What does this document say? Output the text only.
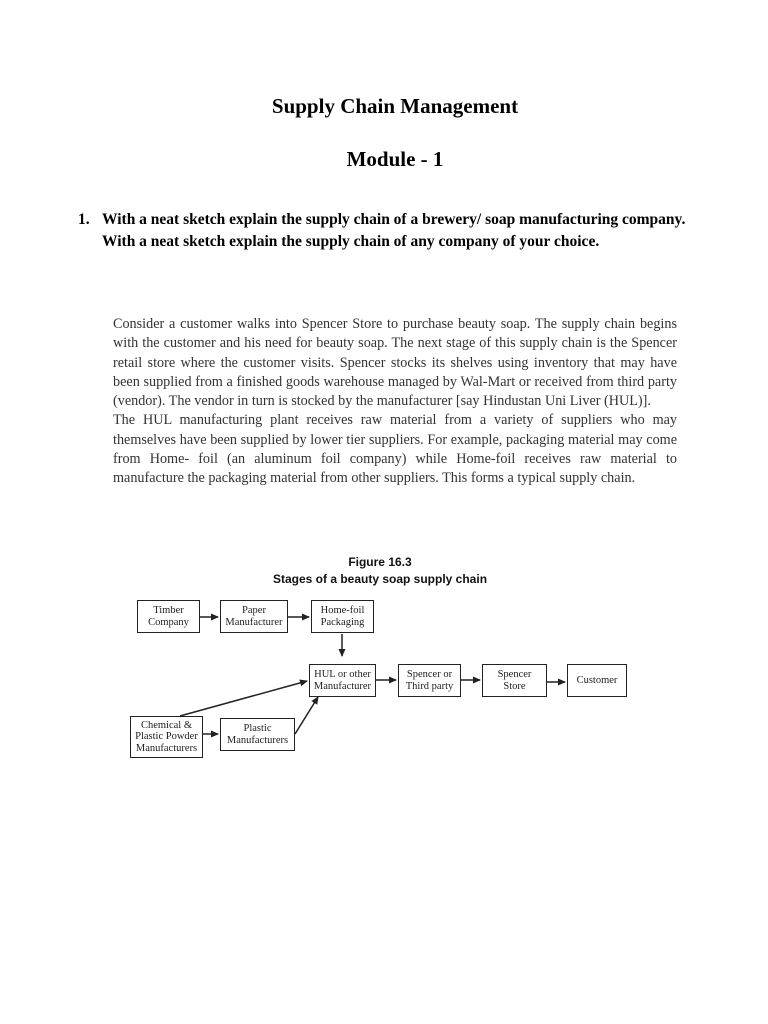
Supply Chain Management
Module - 1
1. With a neat sketch explain the supply chain of a brewery/ soap manufacturing company. With a neat sketch explain the supply chain of any company of your choice.

Consider a customer walks into Spencer Store to purchase beauty soap. The supply chain begins with the customer and his need for beauty soap. The next stage of this supply chain is the Spencer retail store where the customer visits. Spencer stocks its shelves using inventory that may have been supplied from a finished goods warehouse managed by Wal-Mart or received from third party (vendor). The vendor in turn is stocked by the manufacturer [say Hindustan Uni Liver (HUL)].

The HUL manufacturing plant receives raw material from a variety of suppliers who may themselves have been supplied by lower tier suppliers. For example, packaging material may come from Home- foil (an aluminum foil company) while Home-foil receives raw material to manufacture the packaging material from other suppliers. This forms a typical supply chain.

Figure 16.3
Stages of a beauty soap supply chain
Timber
Company
Paper
Manufacturer
Home-foil
Packaging
HUL or other
Manufacturer
Spencer or
Third party
Spencer
Store
Customer
Chemical &
Plastic Powder
Manufacturers
Plastic
Manufacturers
